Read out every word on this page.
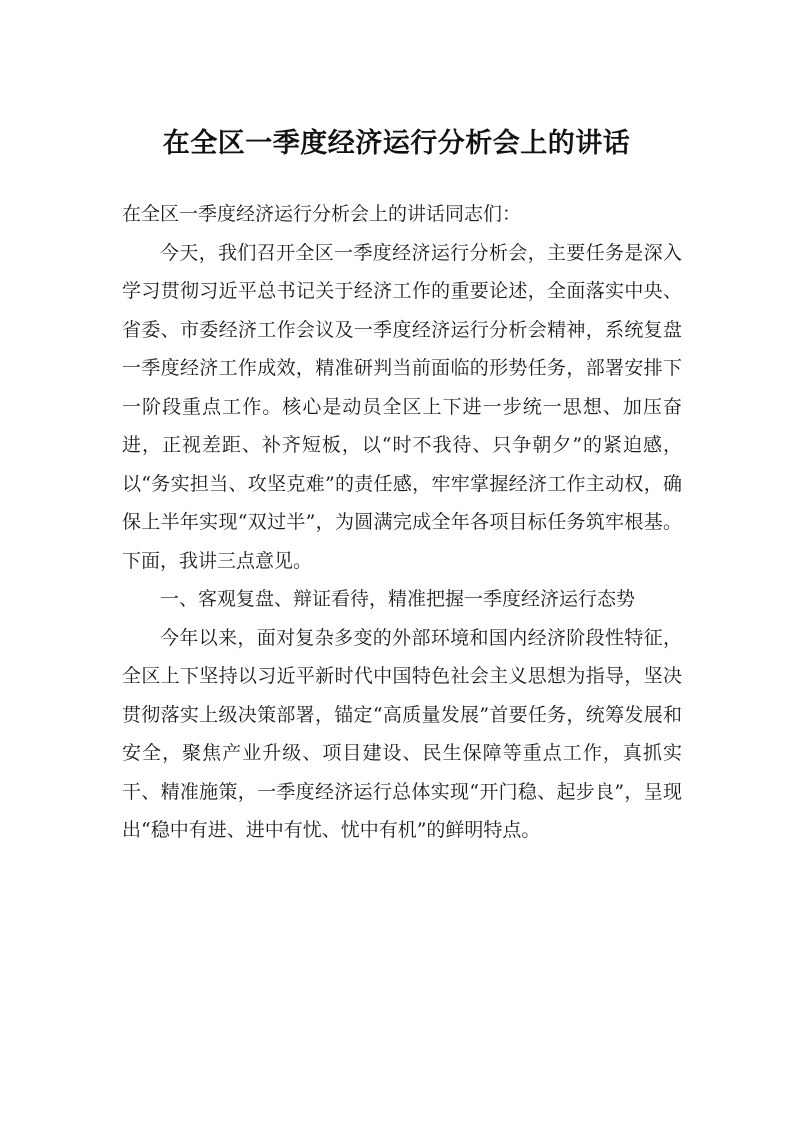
在全区一季度经济运行分析会上的讲话

在全区一季度经济运行分析会上的讲话同志们：

今天，我们召开全区一季度经济运行分析会，主要任务是深入学习贯彻习近平总书记关于经济工作的重要论述，全面落实中央、省委、市委经济工作会议及一季度经济运行分析会精神，系统复盘一季度经济工作成效，精准研判当前面临的形势任务，部署安排下一阶段重点工作。核心是动员全区上下进一步统一思想、加压奋进，正视差距、补齐短板，以“时不我待、只争朝夕”的紧迫感，以“务实担当、攻坚克难”的责任感，牢牢掌握经济工作主动权，确保上半年实现“双过半”，为圆满完成全年各项目标任务筑牢根基。下面，我讲三点意见。

一、客观复盘、辩证看待，精准把握一季度经济运行态势

今年以来，面对复杂多变的外部环境和国内经济阶段性特征，全区上下坚持以习近平新时代中国特色社会主义思想为指导，坚决贯彻落实上级决策部署，锚定“高质量发展”首要任务，统筹发展和安全，聚焦产业升级、项目建设、民生保障等重点工作，真抓实干、精准施策，一季度经济运行总体实现“开门稳、起步良”，呈现出“稳中有进、进中有忧、忧中有机”的鲜明特点。
